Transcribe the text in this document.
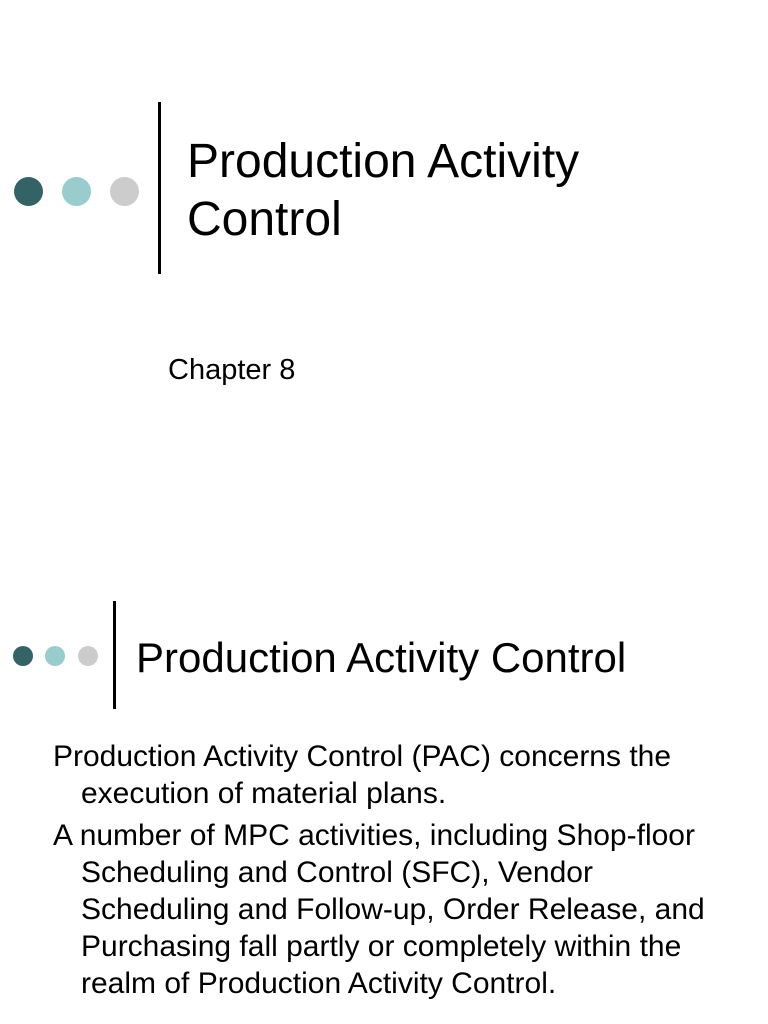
Production Activity Control

Chapter 8

Production Activity Control
Production Activity Control (PAC) concerns the execution of material plans.
A number of MPC activities, including Shop-floor Scheduling and Control (SFC), Vendor Scheduling and Follow-up, Order Release, and Purchasing fall partly or completely within the realm of Production Activity Control.
